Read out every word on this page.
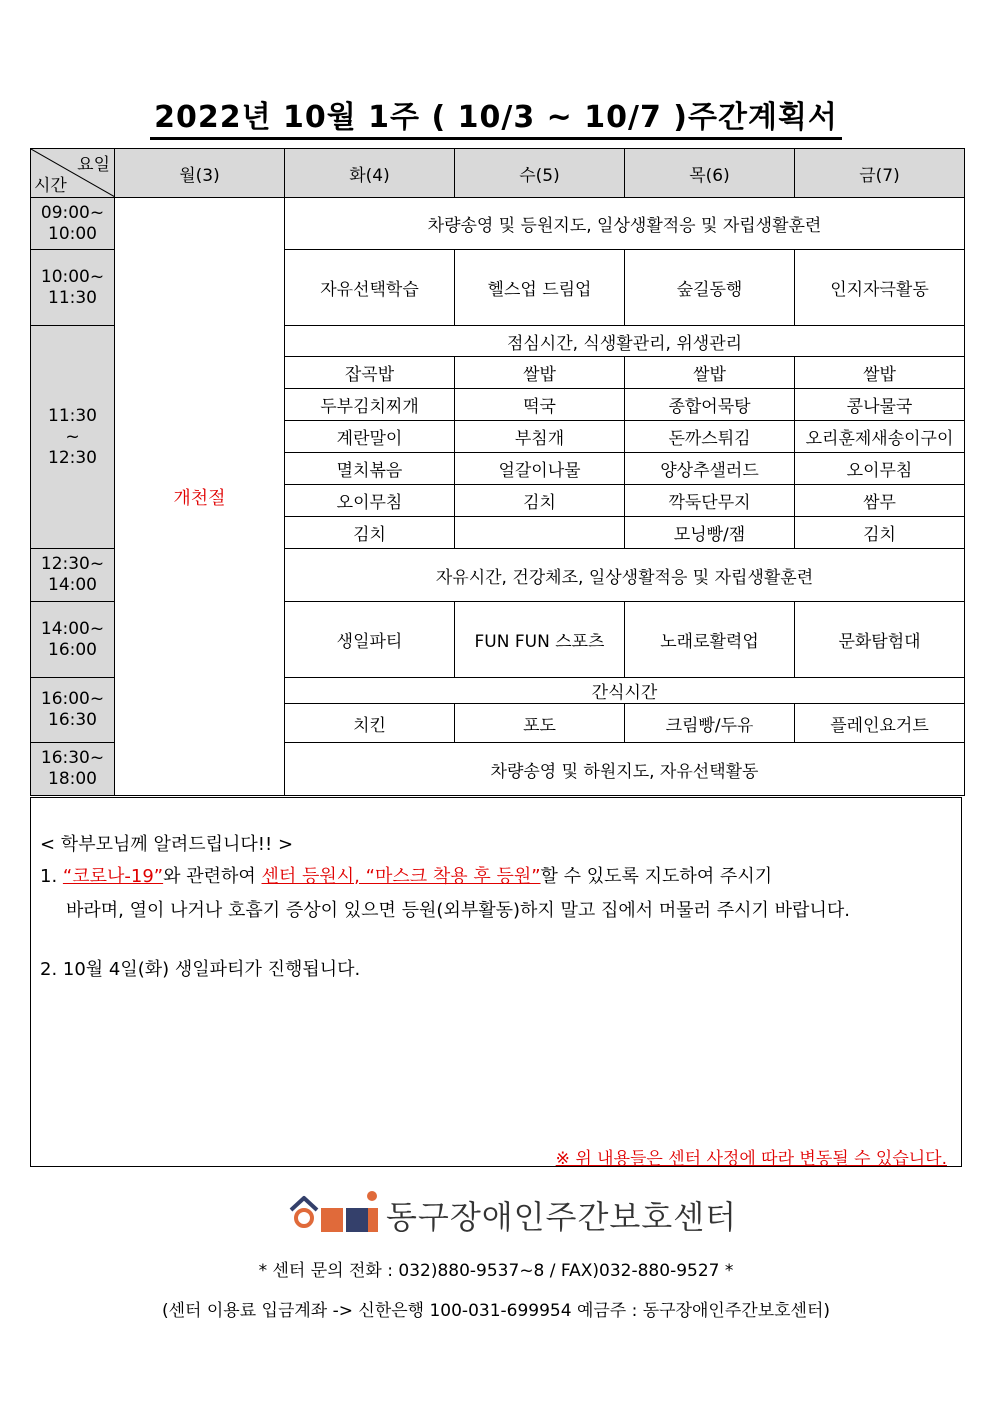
2022년 10월 1주 ( 10/3 ~ 10/7 )주간계획서
요일
시간	월(3)	화(4)	수(5)	목(6)	금(7)
09:00~
10:00	개천절	차량송영 및 등원지도, 일상생활적응 및 자립생활훈련			
10:00~
11:30		자유선택학습	헬스업 드림업	숲길동행	인지자극활동
11:30
~
12:30		점심시간, 식생활관리, 위생관리			
		잡곡밥	쌀밥	쌀밥	쌀밥
		두부김치찌개	떡국	종합어묵탕	콩나물국
		계란말이	부침개	돈까스튀김	오리훈제새송이구이
		멸치볶음	얼갈이나물	양상추샐러드	오이무침
		오이무침	김치	깍둑단무지	쌈무
		김치		모닝빵/잼	김치
12:30~
14:00		자유시간, 건강체조, 일상생활적응 및 자립생활훈련			
14:00~
16:00		생일파티	FUN FUN 스포츠	노래로활력업	문화탐험대
16:00~
16:30		간식시간			
		치킨	포도	크림빵/두유	플레인요거트
16:30~
18:00		차량송영 및 하원지도, 자유선택활동			
< 학부모님께 알려드립니다!! >
1. “코로나-19”와 관련하여 센터 등원시, “마스크 착용 후 등원”할 수 있도록 지도하여 주시기
바라며, 열이 나거나 호흡기 증상이 있으면 등원(외부활동)하지 말고 집에서 머물러 주시기 바랍니다.
2. 10월 4일(화) 생일파티가 진행됩니다.
※ 위 내용들은 센터 사정에 따라 변동될 수 있습니다.
동구장애인주간보호센터
* 센터 문의 전화 : 032)880-9537~8 / FAX)032-880-9527 *
(센터 이용료 입금계좌 -> 신한은행 100-031-699954 예금주 : 동구장애인주간보호센터)
